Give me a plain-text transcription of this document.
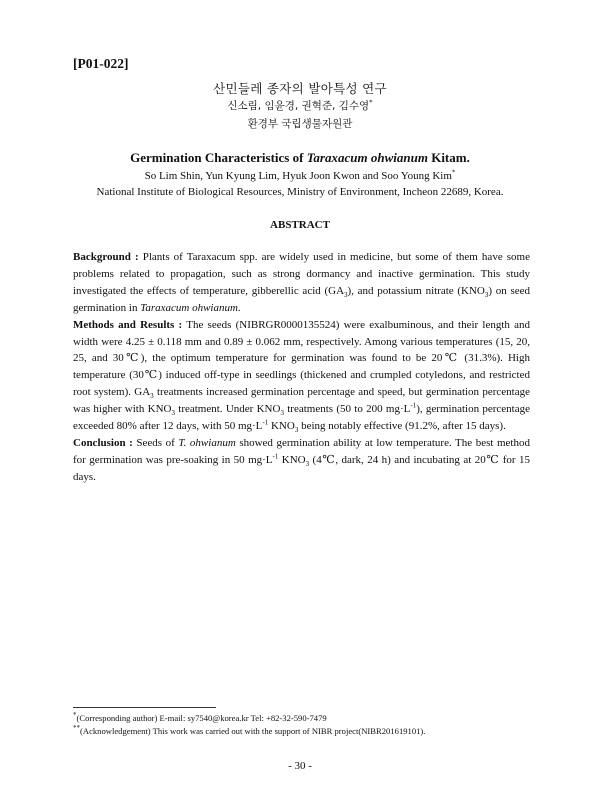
[P01-022]
산민들레 종자의 발아특성 연구
신소림, 임윤경, 권혁준, 김수영*
환경부 국립생물자원관
Germination Characteristics of Taraxacum ohwianum Kitam.
So Lim Shin, Yun Kyung Lim, Hyuk Joon Kwon and Soo Young Kim*
National Institute of Biological Resources, Ministry of Environment, Incheon 22689, Korea.
ABSTRACT

Background : Plants of Taraxacum spp. are widely used in medicine, but some of them have some problems related to propagation, such as strong dormancy and inactive germination. This study investigated the effects of temperature, gibberellic acid $(GA_3)$, and potassium nitrate $(KNO_3)$ on seed germination in Taraxacum ohwianum.

Methods and Results : The seeds (NIBRGR0000135524) were exalbuminous, and their length and width were 4.25 ± 0.118 mm and 0.89 ± 0.062 mm, respectively. Among various temperatures (15, 20, 25, and 30℃), the optimum temperature for germination was found to be 20℃ (31.3%). High temperature (30℃) induced off-type in seedlings (thickened and crumpled cotyledons, and restricted root system). $GA_3$ treatments increased germination percentage and speed, but germination percentage was higher with $KNO_3$ treatment. Under $KNO_3$ treatments (50 to 200 $mg\cdot L^{-1}$), germination percentage exceeded 80% after 12 days, with 50 $mg\cdot L^{-1}$ $KNO_3$ being notably effective (91.2%, after 15 days).

Conclusion : Seeds of T. ohwianum showed germination ability at low temperature. The best method for germination was pre-soaking in 50 $mg\cdot L^{-1}$ $KNO_3$ (4℃, dark, 24 h) and incubating at 20℃ for 15 days.

*(Corresponding author) E-mail: sy7540@korea.kr Tel: +82-32-590-7479
**(Acknowledgement) This work was carried out with the support of NIBR project(NIBR201619101).
- 30 -
